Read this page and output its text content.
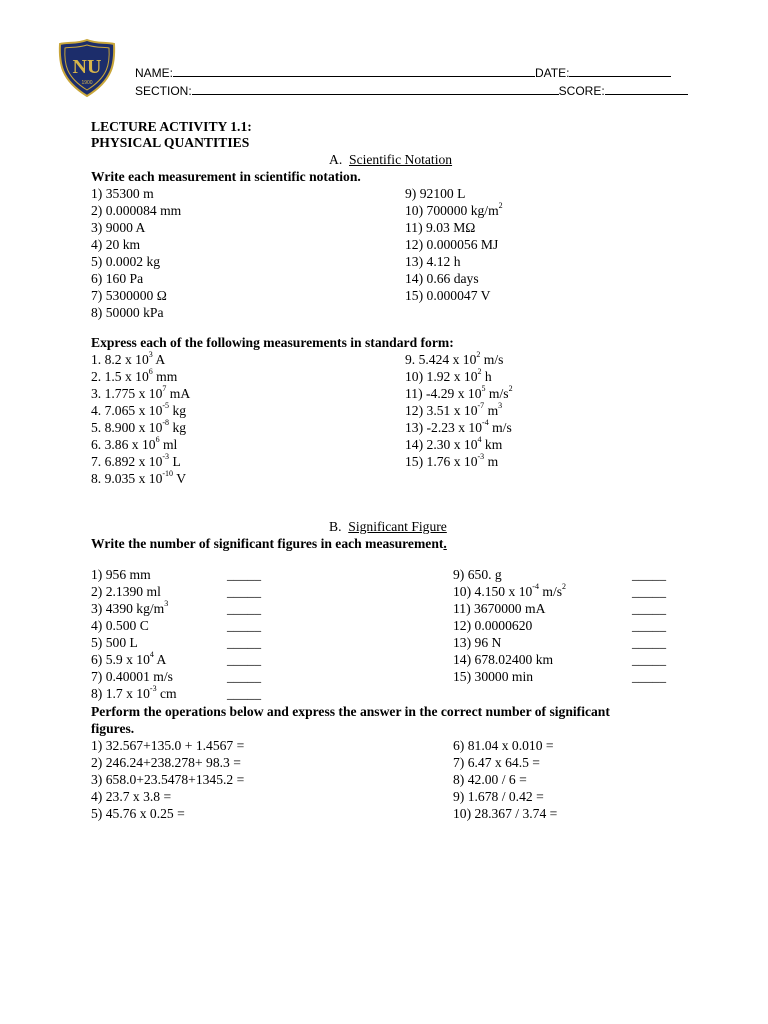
NU
1900
NAME:	DATE:
SECTION:	SCORE:
LECTURE ACTIVITY 1.1:
PHYSICAL QUANTITIES
A. Scientific Notation
Write each measurement in scientific notation.
1) 35300 m
2) 0.000084 mm
3) 9000 A
4) 20 km
5) 0.0002 kg
6) 160 Pa
7) 5300000 Ω
8) 50000 kPa
9) 92100 L
10) 700000 $kg/m^2$
11) 9.03 MΩ
12) 0.000056 MJ
13) 4.12 h
14) 0.66 days
15) 0.000047 V
Express each of the following measurements in standard form:
1. 8.2 x $10^3$ A
2. 1.5 x $10^6$ mm
3. 1.775 x $10^7$ mA
4. 7.065 x $10^{-5}$ kg
5. 8.900 x $10^{-8}$ kg
6. 3.86 x $10^6$ ml
7. 6.892 x $10^{-3}$ L
8. 9.035 x $10^{-10}$ V
9. 5.424 x $10^2$ m/s
10) 1.92 x $10^2$ h
11) -4.29 x $10^5$ $m/s^2$
12) 3.51 x $10^{-7}$ $m^3$
13) -2.23 x $10^{-4}$ m/s
14) 2.30 x $10^4$ km
15) 1.76 x $10^{-3}$ m
B. Significant Figure
Write the number of significant figures in each measurement.
1) 956 mm
2) 2.1390 ml
3) 4390 $kg/m^3$
4) 0.500 C
5) 500 L
6) 5.9 x $10^4$ A
7) 0.40001 m/s
8) 1.7 x $10^{-3}$ cm
_____
_____
_____
_____
_____
_____
_____
_____
9) 650. g
10) 4.150 x $10^{-4}$ $m/s^2$
11) 3670000 mA
12) 0.0000620
13) 96 N
14) 678.02400 km
15) 30000 min
_____
_____
_____
_____
_____
_____
_____
Perform the operations below and express the answer in the correct number of significant
figures.
1) 32.567+135.0 + 1.4567 =
2) 246.24+238.278+ 98.3 =
3) 658.0+23.5478+1345.2 =
4) 23.7 x 3.8 =
5) 45.76 x 0.25 =
6) 81.04 x 0.010 =
7) 6.47 x 64.5 =
8) 42.00 / 6 =
9) 1.678 / 0.42 =
10) 28.367 / 3.74 =
